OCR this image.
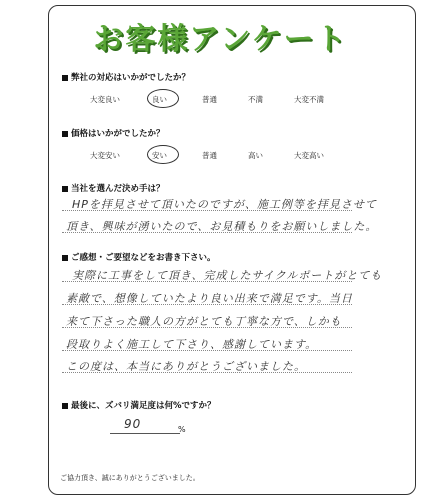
お客様アンケート
弊社の対応はいかがでしたか？
大変良い	良い	普通	不満	大変不満
価格はいかがでしたか？
大変安い	安い	普通	高い	大変高い
当社を選んだ決め手は？
HPを拝見させて頂いたのですが、施工例等を拝見させて
頂き、興味が湧いたので、お見積もりをお願いしました。
ご感想・ご要望などをお書き下さい。
実際に工事をして頂き、完成したサイクルポートがとても
素敵で、想像していたより良い出来で満足です。当日
来て下さった職人の方がとても丁寧な方で、しかも
段取りよく施工して下さり、感謝しています。
この度は、本当にありがとうございました。
最後に、ズバリ満足度は何%ですか？
90	%
ご協力頂き、誠にありがとうございました。
